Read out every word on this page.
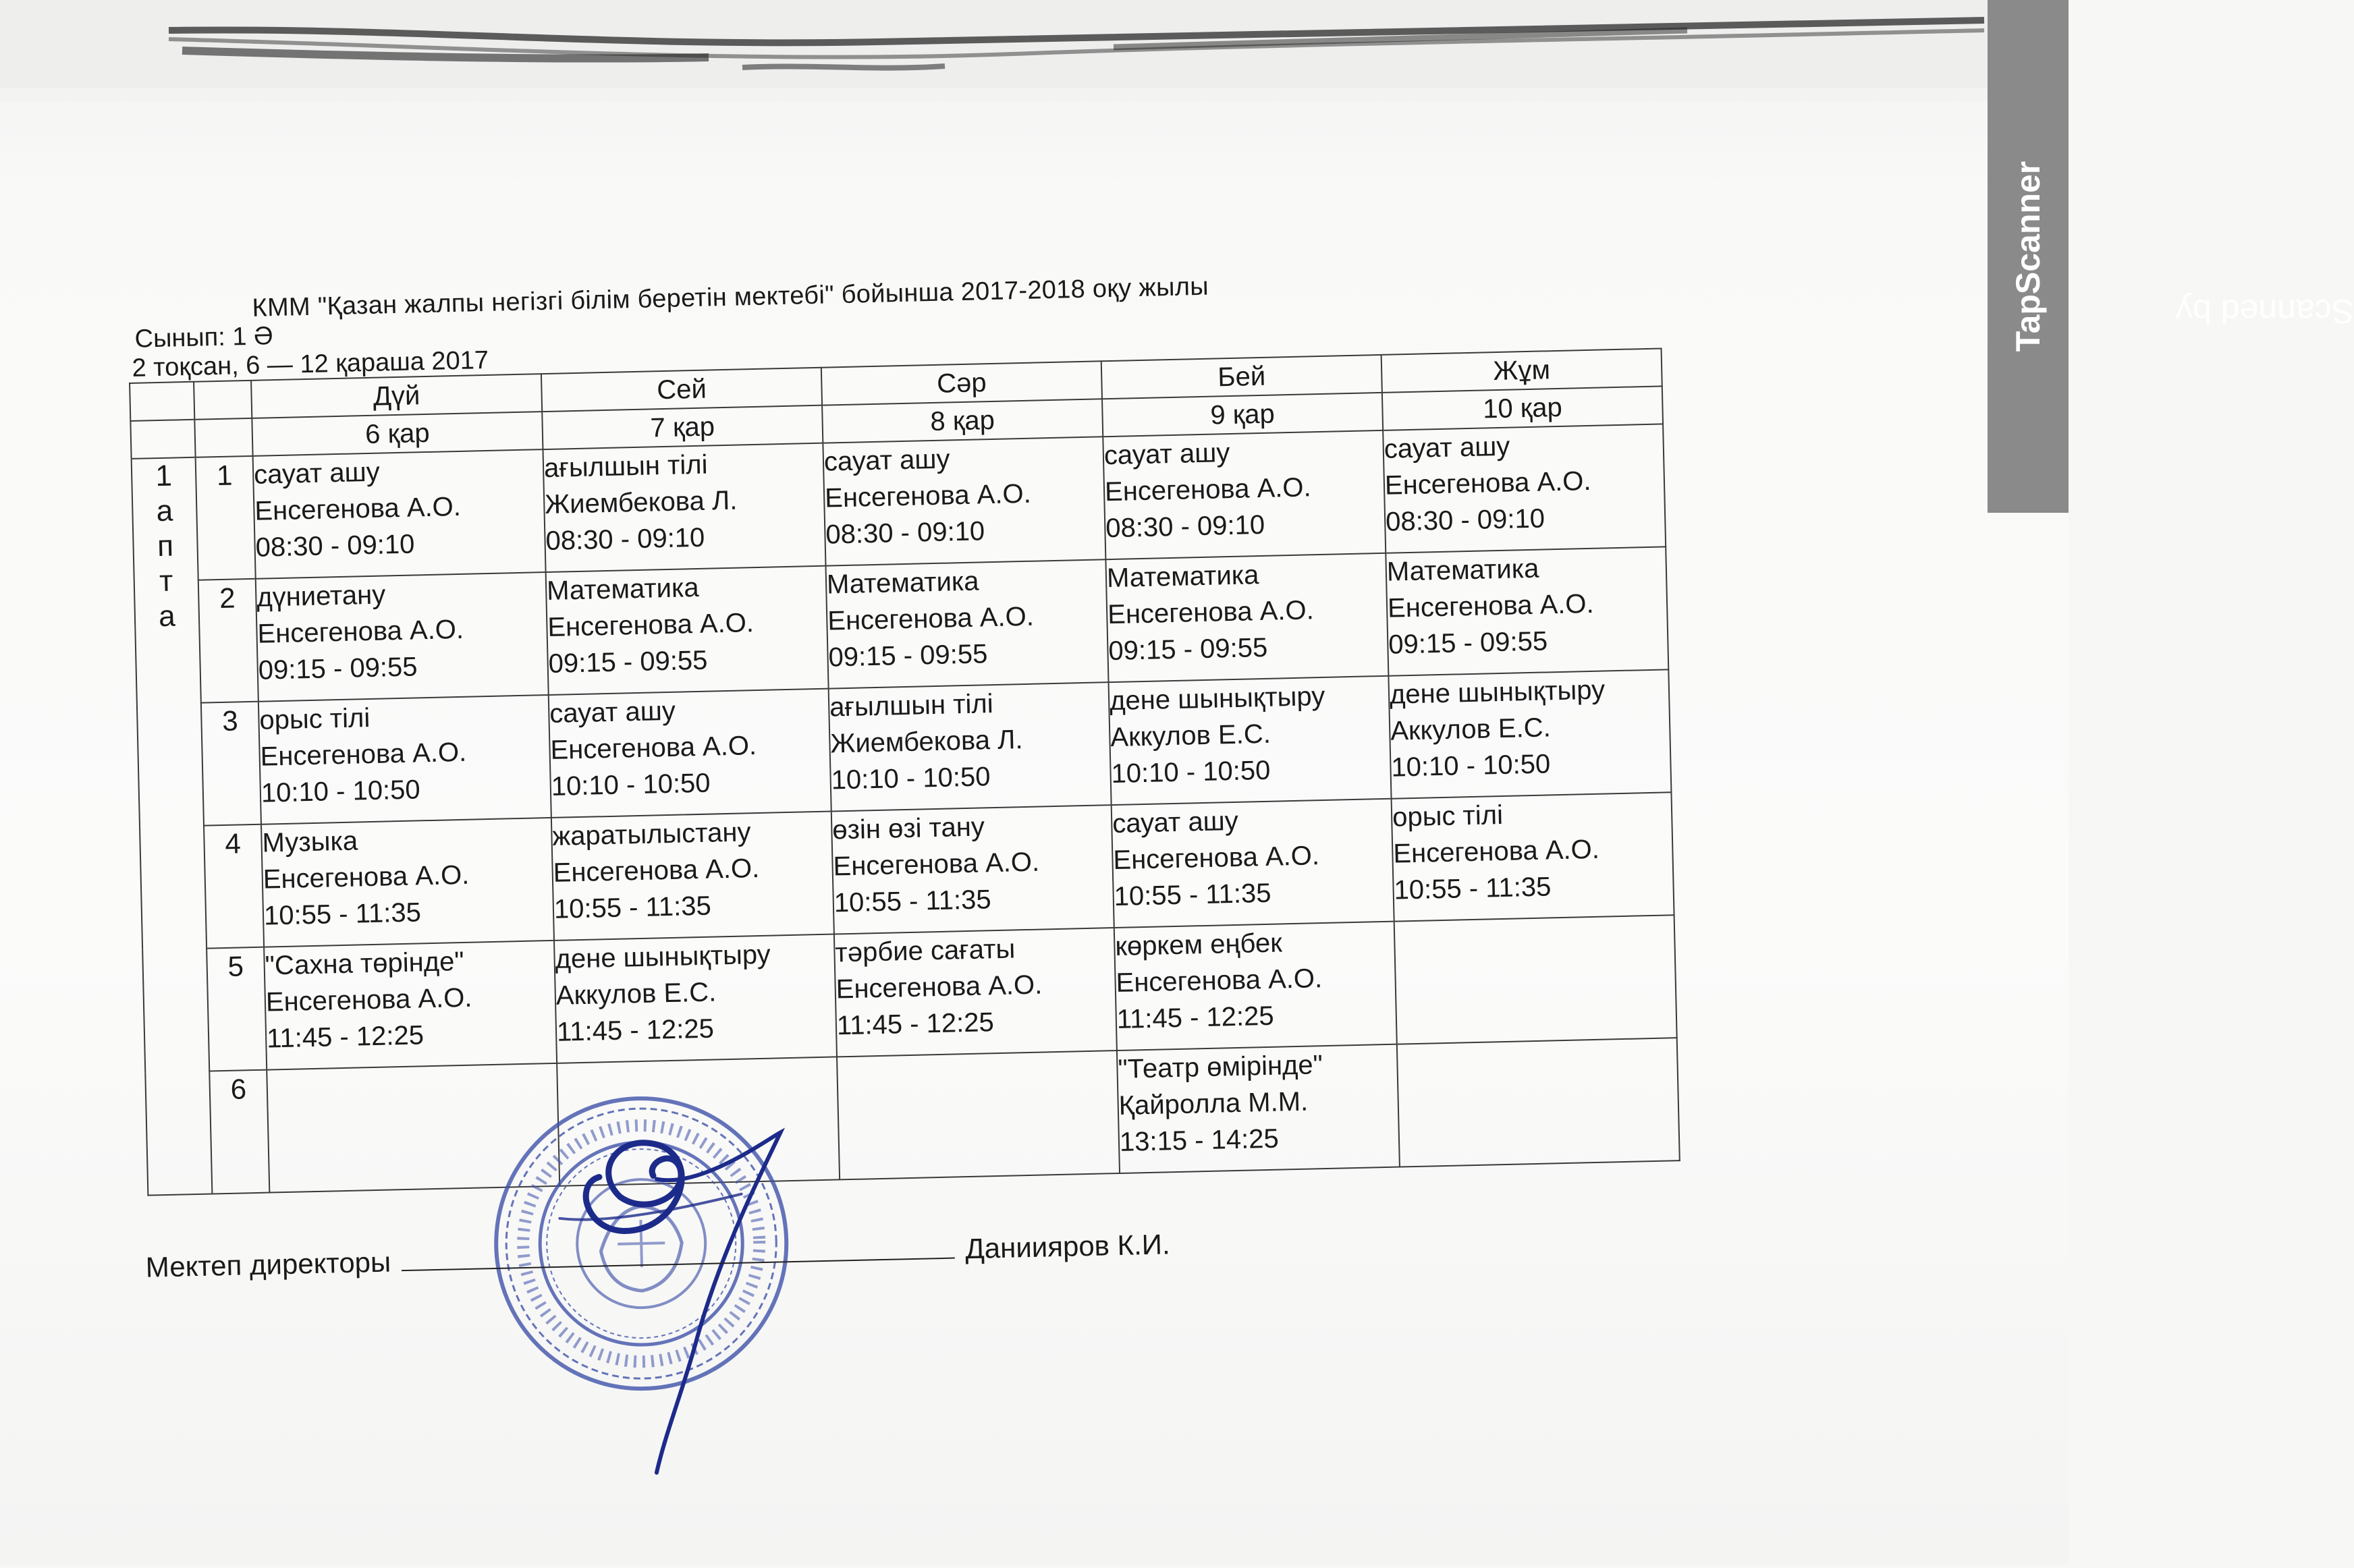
КММ "Қазан жалпы негізгі білім беретін мектебі" бойынша 2017-2018 оқу жылы
Сынып: 1 Ә
2 тоқсан, 6 — 12 қараша 2017
		Дүй	Сей	Сәр	Бей	Жұм
		6 қар	7 қар	8 қар	9 қар	10 қар

1
а
п
т
а	1	сауат ашу
Енсегенова А.О.
08:30 - 09:10	ағылшын тілі
Жиембекова Л.
08:30 - 09:10	сауат ашу
Енсегенова А.О.
08:30 - 09:10	сауат ашу
Енсегенова А.О.
08:30 - 09:10	сауат ашу
Енсегенова А.О.
08:30 - 09:10

	2	дүниетану
Енсегенова А.О.
09:15 - 09:55	Математика
Енсегенова А.О.
09:15 - 09:55	Математика
Енсегенова А.О.
09:15 - 09:55	Математика
Енсегенова А.О.
09:15 - 09:55	Математика
Енсегенова А.О.
09:15 - 09:55

	3	орыс тілі
Енсегенова А.О.
10:10 - 10:50	сауат ашу
Енсегенова А.О.
10:10 - 10:50	ағылшын тілі
Жиембекова Л.
10:10 - 10:50	дене шынықтыру
Аккулов Е.С.
10:10 - 10:50	дене шынықтыру
Аккулов Е.С.
10:10 - 10:50

	4	Музыка
Енсегенова А.О.
10:55 - 11:35	жаратылыстану
Енсегенова А.О.
10:55 - 11:35	өзін өзі тану
Енсегенова А.О.
10:55 - 11:35	сауат ашу
Енсегенова А.О.
10:55 - 11:35	орыс тілі
Енсегенова А.О.
10:55 - 11:35

	5	"Сахна төрінде"
Енсегенова А.О.
11:45 - 12:25	дене шынықтыру
Аккулов Е.С.
11:45 - 12:25	тәрбие сағаты
Енсегенова А.О.
11:45 - 12:25	көркем еңбек
Енсегенова А.О.
11:45 - 12:25	

	6				"Театр өмірінде"
Қайролла М.М.
13:15 - 14:25	

Мектеп директоры	Даниияров К.И.
Scanned by
TapScanner
